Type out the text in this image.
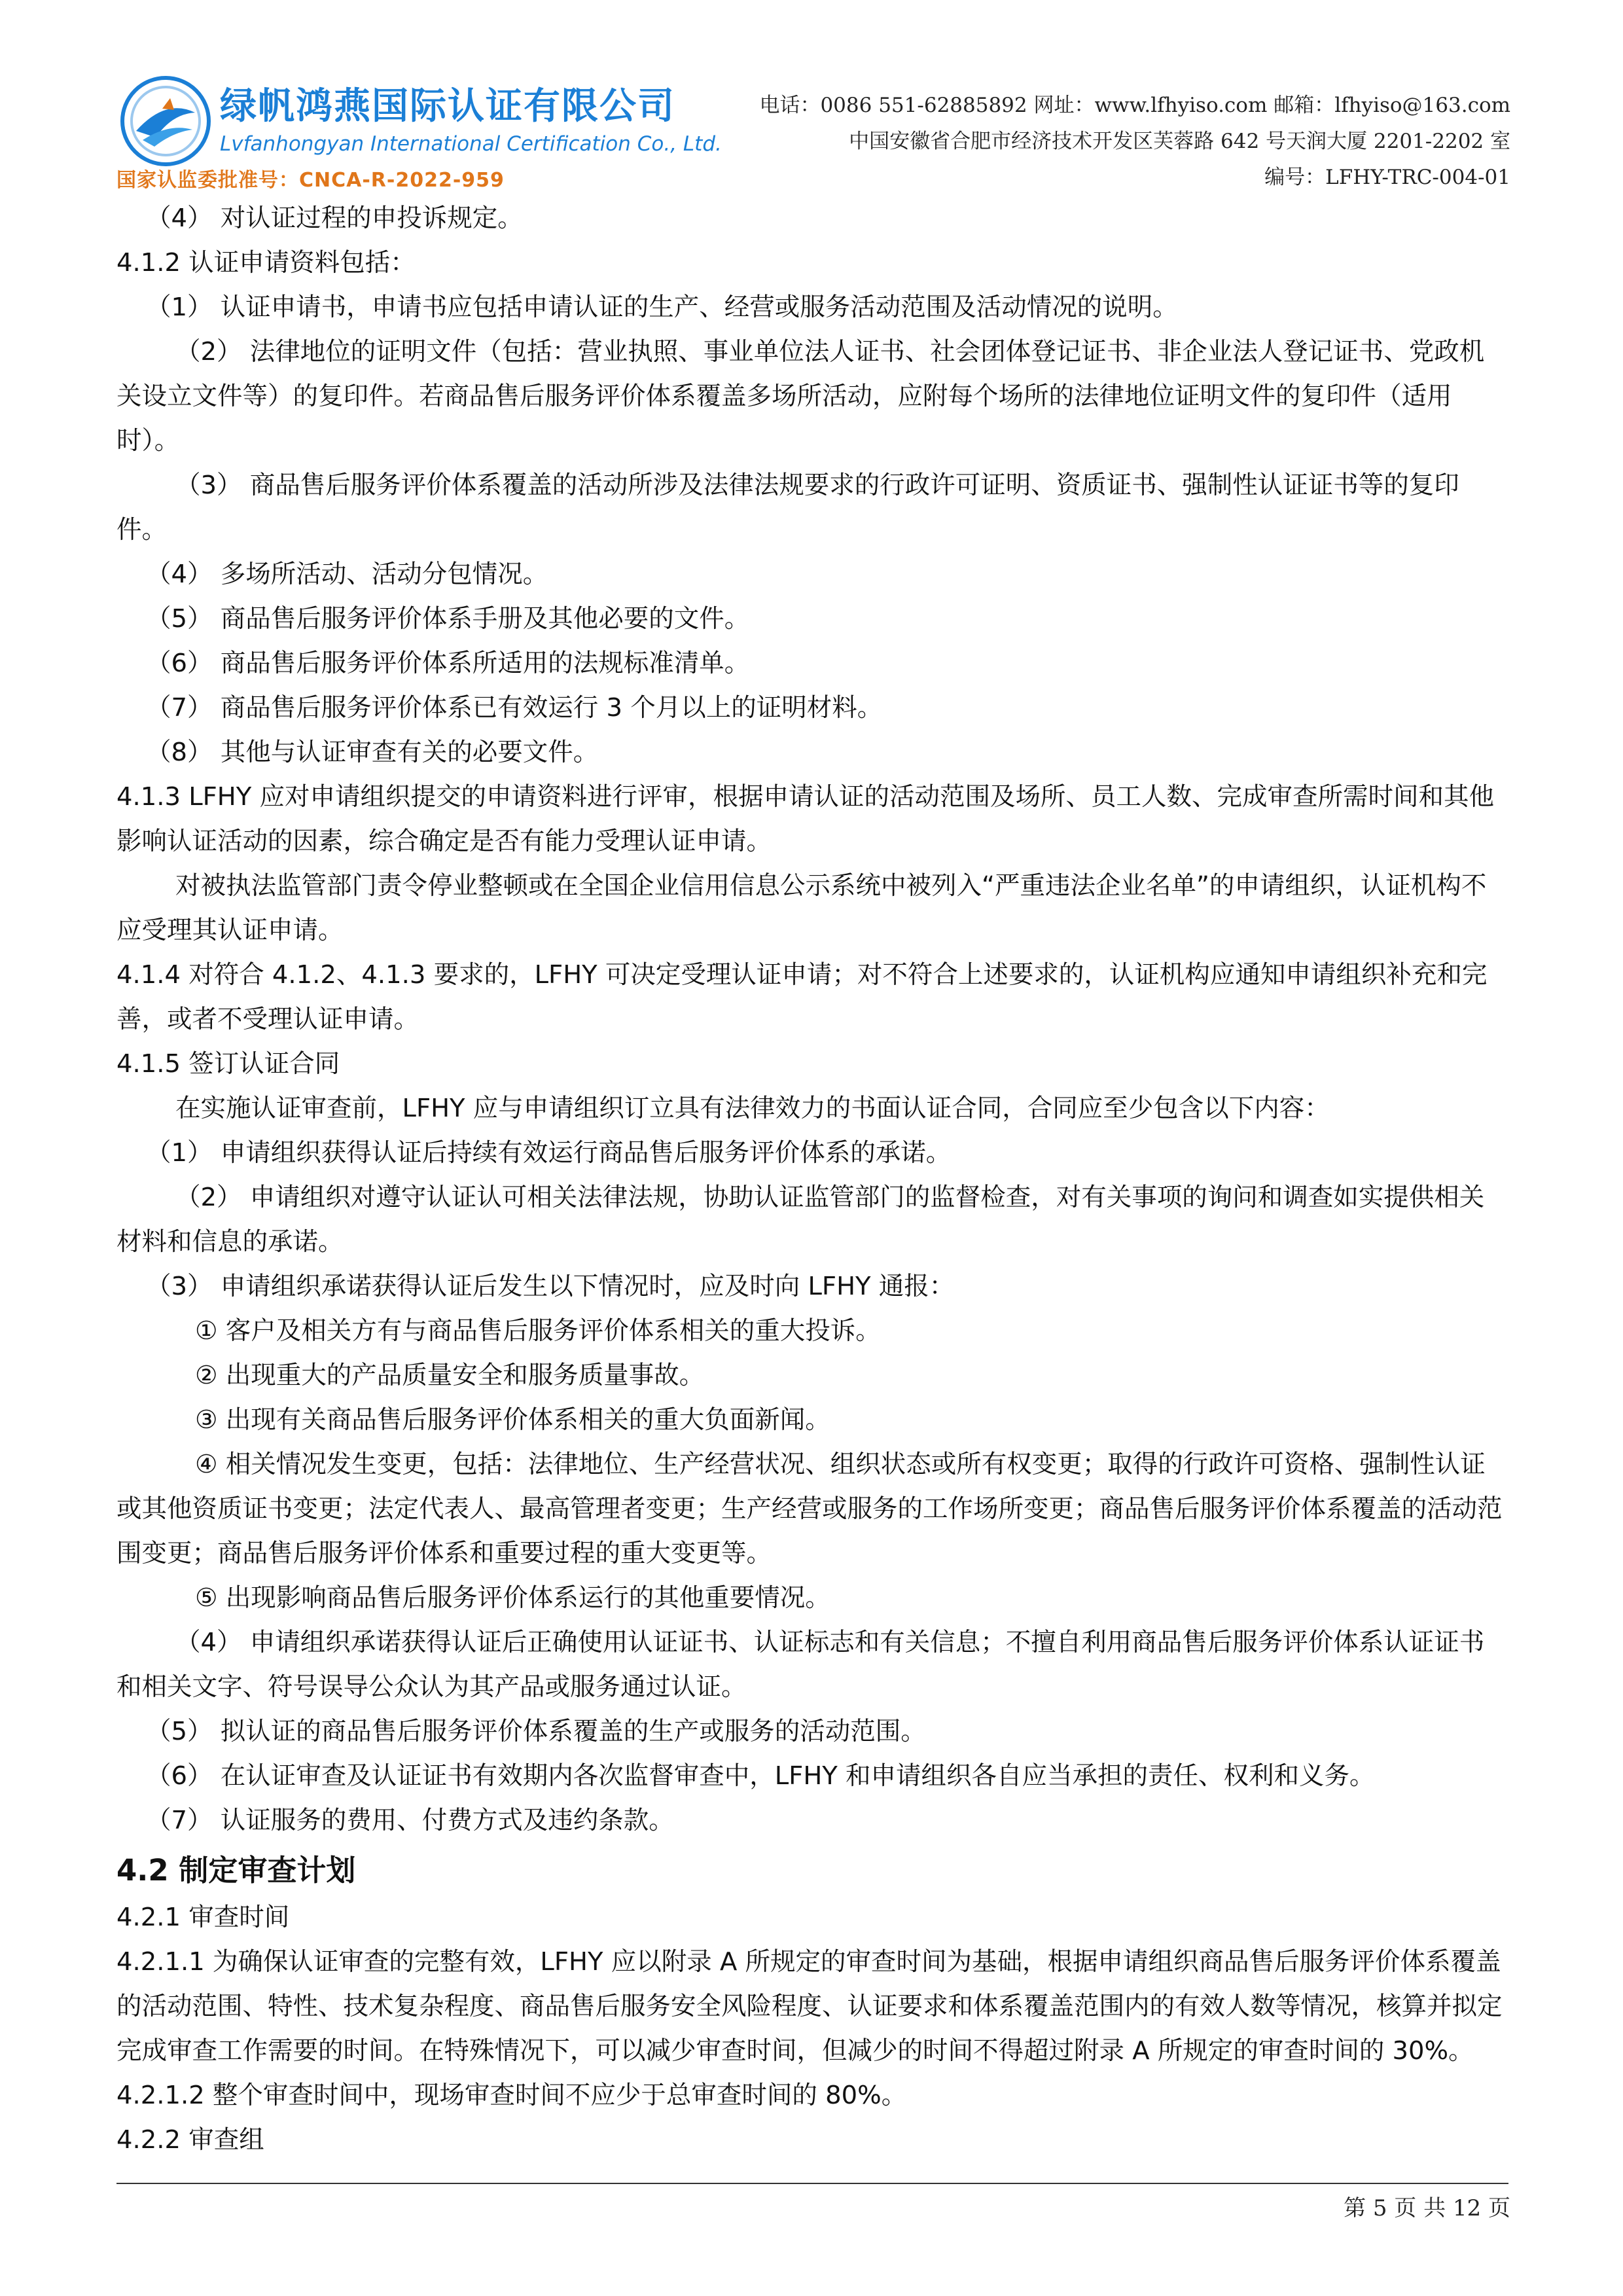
绿帆鸿燕国际认证有限公司
Lvfanhongyan International Certification Co., Ltd.
国家认监委批准号：CNCA-R-2022-959
电话：0086 551-62885892 网址：www.lfhyiso.com 邮箱：lfhyiso@163.com
中国安徽省合肥市经济技术开发区芙蓉路 642 号天润大厦 2201-2202 室
编号：LFHY-TRC-004-01

（4） 对认证过程的申投诉规定。

4.1.2 认证申请资料包括：

（1） 认证申请书，申请书应包括申请认证的生产、经营或服务活动范围及活动情况的说明。

（2） 法律地位的证明文件（包括：营业执照、事业单位法人证书、社会团体登记证书、非企业法人登记证书、党政机关设立文件等）的复印件。若商品售后服务评价体系覆盖多场所活动，应附每个场所的法律地位证明文件的复印件（适用时）。

（3） 商品售后服务评价体系覆盖的活动所涉及法律法规要求的行政许可证明、资质证书、强制性认证证书等的复印件。

（4） 多场所活动、活动分包情况。

（5） 商品售后服务评价体系手册及其他必要的文件。

（6） 商品售后服务评价体系所适用的法规标准清单。

（7） 商品售后服务评价体系已有效运行 3 个月以上的证明材料。

（8） 其他与认证审查有关的必要文件。

4.1.3 LFHY 应对申请组织提交的申请资料进行评审，根据申请认证的活动范围及场所、员工人数、完成审查所需时间和其他影响认证活动的因素，综合确定是否有能力受理认证申请。

对被执法监管部门责令停业整顿或在全国企业信用信息公示系统中被列入“严重违法企业名单”的申请组织，认证机构不应受理其认证申请。

4.1.4 对符合 4.1.2、4.1.3 要求的，LFHY 可决定受理认证申请；对不符合上述要求的，认证机构应通知申请组织补充和完善，或者不受理认证申请。

4.1.5 签订认证合同

在实施认证审查前，LFHY 应与申请组织订立具有法律效力的书面认证合同，合同应至少包含以下内容：

（1） 申请组织获得认证后持续有效运行商品售后服务评价体系的承诺。

（2） 申请组织对遵守认证认可相关法律法规，协助认证监管部门的监督检查，对有关事项的询问和调查如实提供相关材料和信息的承诺。

（3） 申请组织承诺获得认证后发生以下情况时，应及时向 LFHY 通报：

① 客户及相关方有与商品售后服务评价体系相关的重大投诉。

② 出现重大的产品质量安全和服务质量事故。

③ 出现有关商品售后服务评价体系相关的重大负面新闻。

④ 相关情况发生变更，包括：法律地位、生产经营状况、组织状态或所有权变更；取得的行政许可资格、强制性认证或其他资质证书变更；法定代表人、最高管理者变更；生产经营或服务的工作场所变更；商品售后服务评价体系覆盖的活动范围变更；商品售后服务评价体系和重要过程的重大变更等。

⑤ 出现影响商品售后服务评价体系运行的其他重要情况。

（4） 申请组织承诺获得认证后正确使用认证证书、认证标志和有关信息；不擅自利用商品售后服务评价体系认证证书和相关文字、符号误导公众认为其产品或服务通过认证。

（5） 拟认证的商品售后服务评价体系覆盖的生产或服务的活动范围。

（6） 在认证审查及认证证书有效期内各次监督审查中，LFHY 和申请组织各自应当承担的责任、权利和义务。

（7） 认证服务的费用、付费方式及违约条款。

4.2 制定审查计划

4.2.1 审查时间

4.2.1.1 为确保认证审查的完整有效，LFHY 应以附录 A 所规定的审查时间为基础，根据申请组织商品售后服务评价体系覆盖的活动范围、特性、技术复杂程度、商品售后服务安全风险程度、认证要求和体系覆盖范围内的有效人数等情况，核算并拟定完成审查工作需要的时间。在特殊情况下，可以减少审查时间，但减少的时间不得超过附录 A 所规定的审查时间的 30%。

4.2.1.2 整个审查时间中，现场审查时间不应少于总审查时间的 80%。

4.2.2 审查组

第 5 页 共 12 页
